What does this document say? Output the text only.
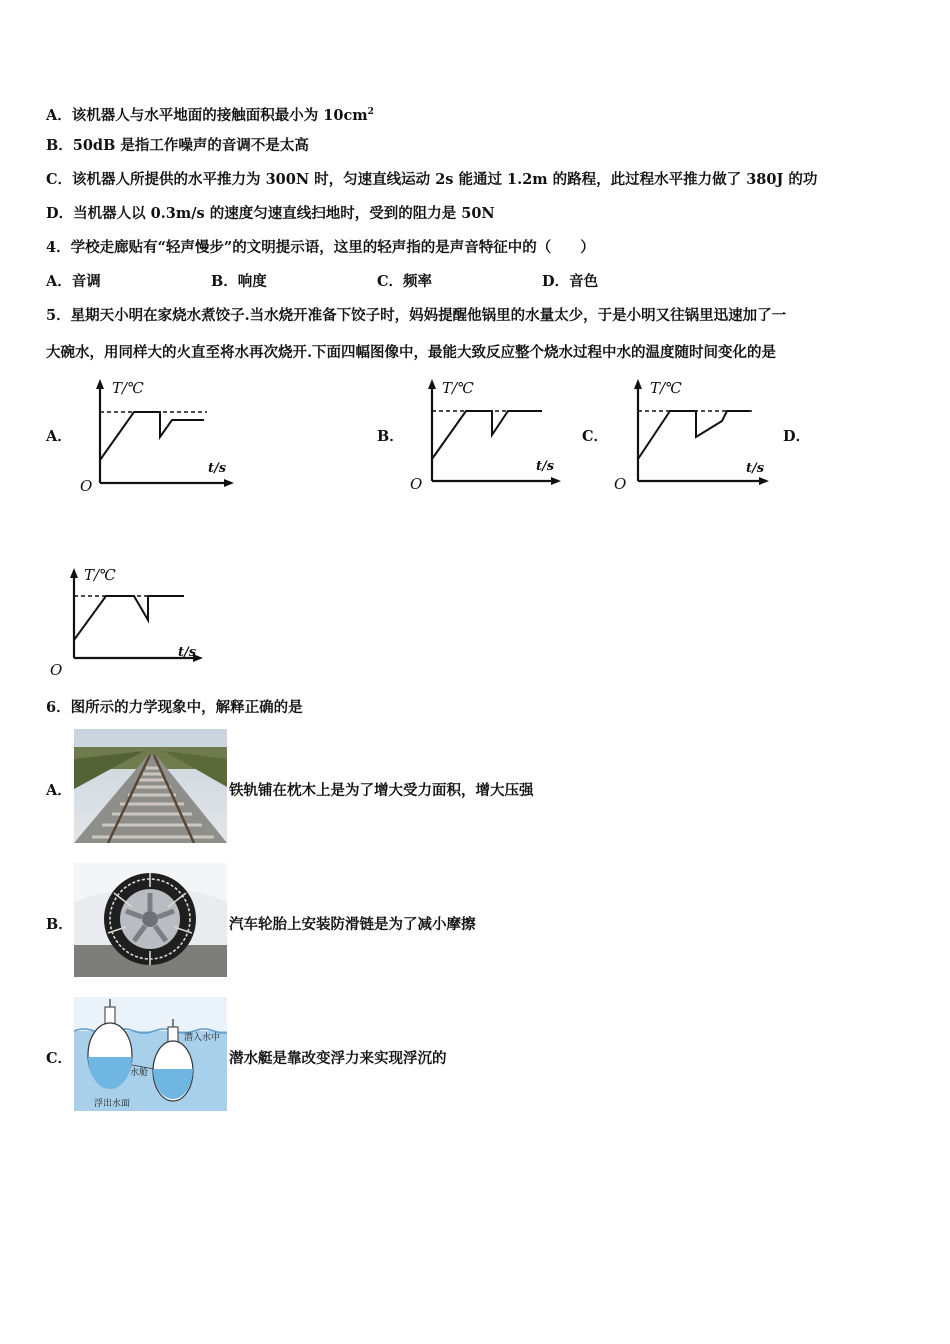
A．该机器人与水平地面的接触面积最小为 $10cm^2$
B．50dB 是指工作噪声的音调不是太高
C．该机器人所提供的水平推力为 300N 时，匀速直线运动 2s 能通过 1.2m 的路程，此过程水平推力做了 380J 的功
D．当机器人以 0.3m/s 的速度匀速直线扫地时，受到的阻力是 50N
4．学校走廊贴有“轻声慢步”的文明提示语，这里的轻声指的是声音特征中的（　　）
A．音调	B．响度	C．频率	D．音色
5．星期天小明在家烧水煮饺子.当水烧开准备下饺子时，妈妈提醒他锅里的水量太少，于是小明又往锅里迅速加了一
大碗水，用同样大的火直至将水再次烧开.下面四幅图像中，最能大致反应整个烧水过程中水的温度随时间变化的是
A．	B．	C．	D．
T/℃
t/s
O
T/℃
t/s
O
T/℃
t/s
O
T/℃
t/s
O
6．图所示的力学现象中，解释正确的是
A．	铁轨铺在枕木上是为了增大受力面积，增大压强
B．	汽车轮胎上安装防滑链是为了减小摩擦
C．
水舱
潜入水中
浮出水面
潜水艇是靠改变浮力来实现浮沉的
